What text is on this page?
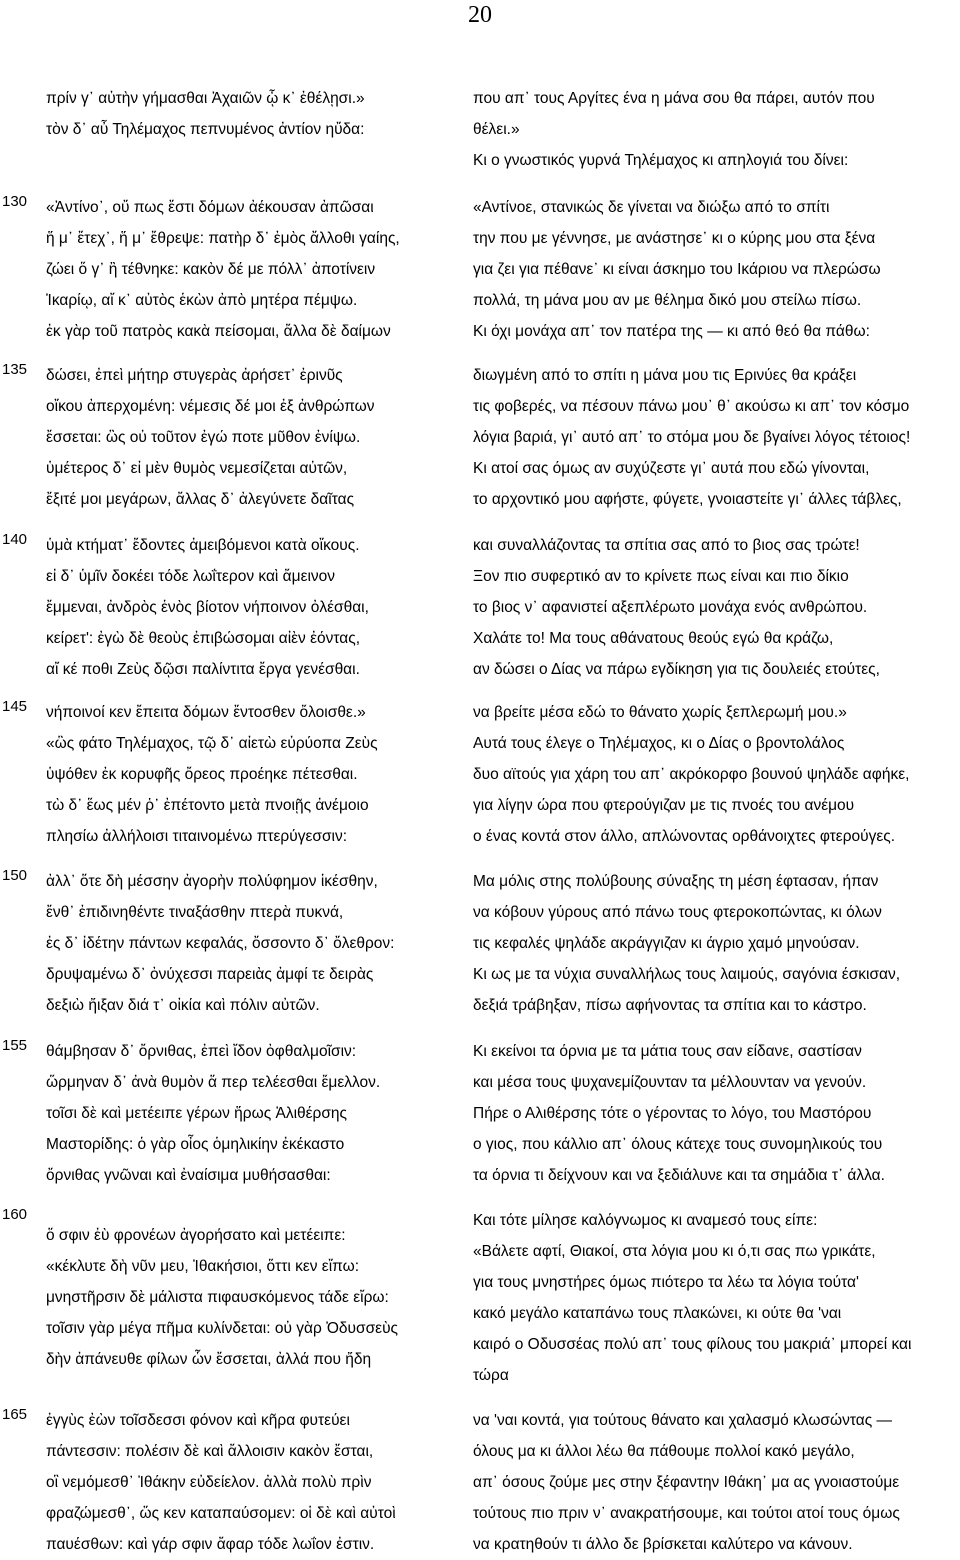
20
πρίν γ᾽ αὐτὴν γήμασθαι Ἀχαιῶν ᾧ κ᾽ ἐθέλῃσι.»
τὸν δ᾽ αὖ Τηλέμαχος πεπνυμένος ἀντίον ηὔδα:
που απ᾽ τους Αργίτες ένα η μάνα σου θα πάρει, αυτόν που
θέλει.»
Κι ο γνωστικός γυρνά Τηλέμαχος κι απηλογιά του δίνει:
130 «Ἀντίνο᾽, οὔ πως ἔστι δόμων ἀέκουσαν ἀπῶσαι
ἥ μ᾽ ἔτεχ᾽, ἥ μ᾽ ἔθρεψε: πατὴρ δ᾽ ἐμὸς ἄλλοθι γαίης,
ζώει ὅ γ᾽ ἢ τέθνηκε: κακὸν δέ με πόλλ᾽ ἀποτίνειν
Ἰκαρίῳ, αἴ κ᾽ αὐτὸς ἑκὼν ἀπὸ μητέρα πέμψω.
ἐκ γὰρ τοῦ πατρὸς κακὰ πείσομαι, ἄλλα δὲ δαίμων
«Αντίνοε, στανικώς δε γίνεται να διώξω από το σπίτι
την που με γέννησε, με ανάστησε᾽ κι ο κύρης μου στα ξένα
για ζει για πέθανε᾽ κι είναι άσκημο του Ικάριου να πλερώσω
πολλά, τη μάνα μου αν με θέλημα δικό μου στείλω πίσω.
Κι όχι μονάχα απ᾽ τον πατέρα της — κι από θεό θα πάθω:
135 δώσει, ἐπεὶ μήτηρ στυγερὰς ἀρήσετ᾽ ἐρινῦς
οἴκου ἀπερχομένη: νέμεσις δέ μοι ἐξ ἀνθρώπων
ἔσσεται: ὣς οὐ τοῦτον ἐγώ ποτε μῦθον ἐνίψω.
ὑμέτερος δ᾽ εἰ μὲν θυμὸς νεμεσίζεται αὐτῶν,
ἔξιτέ μοι μεγάρων, ἄλλας δ᾽ ἀλεγύνετε δαῖτας
διωγμένη από το σπίτι η μάνα μου τις Ερινύες θα κράξει
τις φοβερές, να πέσουν πάνω μου᾽ θ᾽ ακούσω κι απ᾽ τον κόσμο
λόγια βαριά, γι᾽ αυτό απ᾽ το στόμα μου δε βγαίνει λόγος τέτοιος!
Κι ατοί σας όμως αν συχύζεστε γι᾽ αυτά που εδώ γίνονται,
το αρχοντικό μου αφήστε, φύγετε, γνοιαστείτε γι᾽ άλλες τάβλες,
140 ὑμὰ κτήματ᾽ ἔδοντες ἀμειβόμενοι κατὰ οἴκους.
εἰ δ᾽ ὑμῖν δοκέει τόδε λωΐτερον καὶ ἄμεινον
ἔμμεναι, ἀνδρὸς ἑνὸς βίοτον νήποινον ὀλέσθαι,
κείρετ': ἐγὼ δὲ θεοὺς ἐπιβώσομαι αἰὲν ἐόντας,
αἴ κέ ποθι Ζεὺς δῷσι παλίντιτα ἔργα γενέσθαι.
και συναλλάζοντας τα σπίτια σας από το βιος σας τρώτε!
Ξον πιο συφερτικό αν το κρίνετε πως είναι και πιο δίκιο
το βιος ν᾽ αφανιστεί αξεπλέρωτο μονάχα ενός ανθρώπου.
Χαλάτε το! Μα τους αθάνατους θεούς εγώ θα κράζω,
αν δώσει ο Δίας να πάρω εγδίκηση για τις δουλειές ετούτες,
145 νήποινοί κεν ἔπειτα δόμων ἔντοσθεν ὄλοισθε.»
«ὣς φάτο Τηλέμαχος, τῷ δ᾽ αἰετὼ εὐρύοπα Ζεὺς
ὑψόθεν ἐκ κορυφῆς ὄρεος προέηκε πέτεσθαι.
τὼ δ᾽ ἕως μέν ῥ᾽ ἐπέτοντο μετὰ πνοιῇς ἀνέμοιο
πλησίω ἀλλήλοισι τιταινομένω πτερύγεσσιν:
να βρείτε μέσα εδώ το θάνατο χωρίς ξεπλερωμή μου.»
Αυτά τους έλεγε ο Τηλέμαχος, κι ο Δίας ο βροντολάλος
δυο αϊτούς για χάρη του απ᾽ ακρόκορφο βουνού ψηλάδε αφήκε,
για λίγην ώρα που φτερούγιζαν με τις πνοές του ανέμου
ο ένας κοντά στον άλλο, απλώνοντας ορθάνοιχτες φτερούγες.
150 ἀλλ᾽ ὅτε δὴ μέσσην ἀγορὴν πολύφημον ἱκέσθην,
ἔνθ᾽ ἐπιδινηθέντε τιναξάσθην πτερὰ πυκνά,
ἐς δ᾽ ἰδέτην πάντων κεφαλάς, ὄσσοντο δ᾽ ὄλεθρον:
δρυψαμένω δ᾽ ὀνύχεσσι παρειὰς ἀμφί τε δειρὰς
δεξιὼ ἤιξαν διά τ᾽ οἰκία καὶ πόλιν αὐτῶν.
Μα μόλις στης πολύβουης σύναξης τη μέση έφτασαν, ήπαν
να κόβουν γύρους από πάνω τους φτεροκοπώντας, κι όλων
τις κεφαλές ψηλάδε ακράγγιζαν κι άγριο χαμό μηνούσαν.
Κι ως με τα νύχια συναλλήλως τους λαιμούς, σαγόνια έσκισαν,
δεξιά τράβηξαν, πίσω αφήνοντας τα σπίτια και το κάστρο.
155 θάμβησαν δ᾽ ὄρνιθας, ἐπεὶ ἴδον ὀφθαλμοῖσιν:
ὥρμηναν δ᾽ ἀνὰ θυμὸν ἅ περ τελέεσθαι ἔμελλον.
τοῖσι δὲ καὶ μετέειπε γέρων ἥρως Ἁλιθέρσης
Μαστορίδης: ὁ γὰρ οἶος ὁμηλικίην ἐκέκαστο
ὄρνιθας γνῶναι καὶ ἐναίσιμα μυθήσασθαι:
Κι εκείνοι τα όρνια με τα μάτια τους σαν είδανε, σαστίσαν
και μέσα τους ψυχανεμίζουνταν τα μέλλουνταν να γενούν.
Πήρε ο Αλιθέρσης τότε ο γέροντας το λόγο, του Μαστόρου
ο γιος, που κάλλιο απ᾽ όλους κάτεχε τους συνομηλικούς του
τα όρνια τι δείχνουν και να ξεδιάλυνε και τα σημάδια τ᾽ άλλα.
160
ὅ σφιν ἐὺ φρονέων ἀγορήσατο καὶ μετέειπε:
«κέκλυτε δὴ νῦν μευ, Ἰθακήσιοι, ὅττι κεν εἴπω:
μνηστῆρσιν δὲ μάλιστα πιφαυσκόμενος τάδε εἴρω:
τοῖσιν γὰρ μέγα πῆμα κυλίνδεται: οὐ γὰρ Ὀδυσσεὺς
δὴν ἀπάνευθε φίλων ὧν ἔσσεται, ἀλλά που ἤδη
Και τότε μίλησε καλόγνωμος κι αναμεσό τους είπε:
«Βάλετε αφτί, Θιακοί, στα λόγια μου κι ό,τι σας πω γρικάτε,
για τους μνηστήρες όμως πιότερο τα λέω τα λόγια τούτα'
κακό μεγάλο καταπάνω τους πλακώνει, κι ούτε θα 'ναι
καιρό ο Οδυσσέας πολύ απ᾽ τους φίλους του μακριά᾽ μπορεί και
τώρα
165 ἐγγὺς ἐὼν τοῖσδεσσι φόνον καὶ κῆρα φυτεύει
πάντεσσιν: πολέσιν δὲ καὶ ἄλλοισιν κακὸν ἔσται,
οἳ νεμόμεσθ᾽ Ἰθάκην εὐδείελον. ἀλλὰ πολὺ πρὶν
φραζώμεσθ᾽, ὥς κεν καταπαύσομεν: οἱ δὲ καὶ αὐτοὶ
παυέσθων: καὶ γάρ σφιν ἄφαρ τόδε λωΐον ἐστιν.
να 'ναι κοντά, για τούτους θάνατο και χαλασμό κλωσώντας —
όλους μα κι άλλοι λέω θα πάθουμε πολλοί κακό μεγάλο,
απ᾽ όσους ζούμε μες στην ξέφαντην Ιθάκη᾽ μα ας γνοιαστούμε
τούτους πιο πριν ν᾽ ανακρατήσουμε, και τούτοι ατοί τους όμως
να κρατηθούν τι άλλο δε βρίσκεται καλύτερο να κάνουν.
